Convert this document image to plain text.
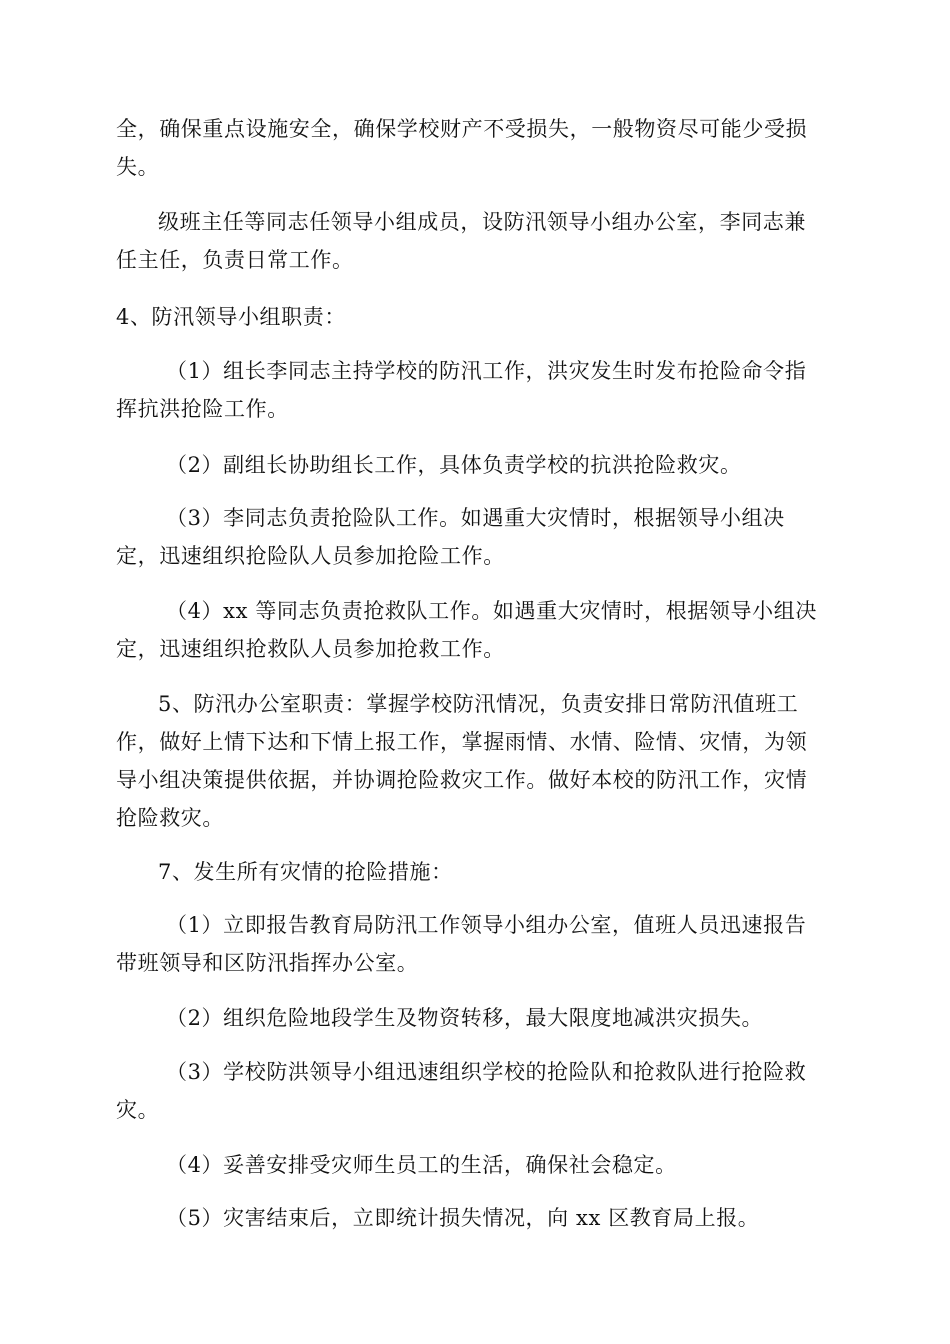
全，确保重点设施安全，确保学校财产不受损失，一般物资尽可能少受损
失。

级班主任等同志任领导小组成员，设防汛领导小组办公室，李同志兼
任主任，负责日常工作。

4、防汛领导小组职责：

（1）组长李同志主持学校的防汛工作，洪灾发生时发布抢险命令指
挥抗洪抢险工作。

（2）副组长协助组长工作，具体负责学校的抗洪抢险救灾。

（3）李同志负责抢险队工作。如遇重大灾情时，根据领导小组决
定，迅速组织抢险队人员参加抢险工作。

（4）xx 等同志负责抢救队工作。如遇重大灾情时，根据领导小组决
定，迅速组织抢救队人员参加抢救工作。

5、防汛办公室职责：掌握学校防汛情况，负责安排日常防汛值班工
作，做好上情下达和下情上报工作，掌握雨情、水情、险情、灾情，为领
导小组决策提供依据，并协调抢险救灾工作。做好本校的防汛工作，灾情
抢险救灾。

7、发生所有灾情的抢险措施：

（1）立即报告教育局防汛工作领导小组办公室，值班人员迅速报告
带班领导和区防汛指挥办公室。

（2）组织危险地段学生及物资转移，最大限度地减洪灾损失。

（3）学校防洪领导小组迅速组织学校的抢险队和抢救队进行抢险救
灾。

（4）妥善安排受灾师生员工的生活，确保社会稳定。

（5）灾害结束后，立即统计损失情况，向 xx 区教育局上报。
